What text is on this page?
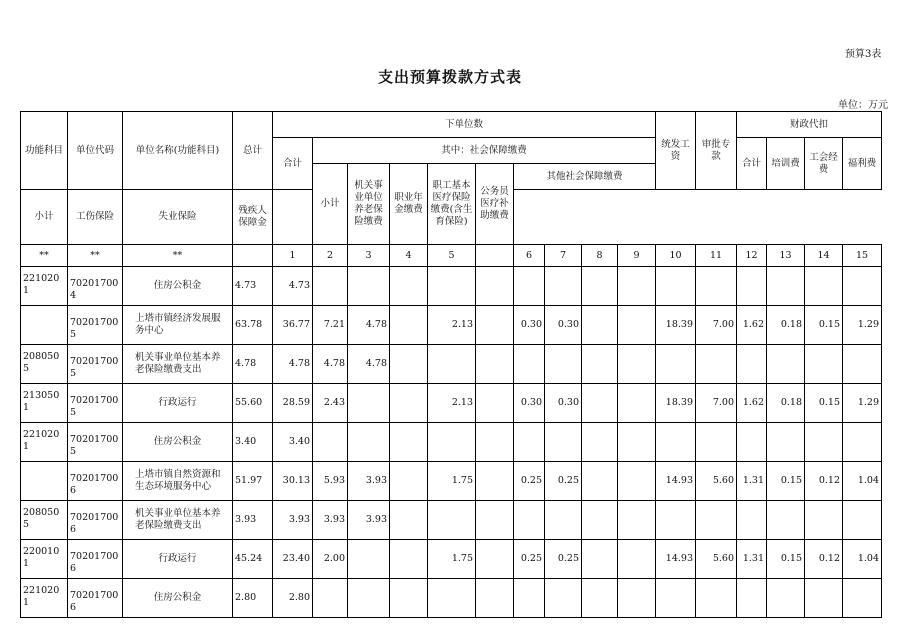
预算3表
支出预算拨款方式表
单位：万元
功能科目	单位代码	单位名称(功能科目)	总计	下单位数										统发工资	审批专款	财政代扣			
				合计	其中：社会保障缴费											合计	培训费	工会经费	福利费
					小计	机关事业单位养老保险缴费	职业年金缴费	职工基本医疗保险缴费(含生育保险)	公务员医疗补助缴费	其他社会保障缴费									
小计	工伤保险	失业保险	残疾人保障金																
**	**	**		1	2	3	4	5		6	7	8	9	10	11	12	13	14	15
2210201	702017004	住房公积金	4.73	4.73															
	702017005	上塔市镇经济发展服务中心	63.78	36.77	7.21	4.78		2.13		0.30	0.30			18.39	7.00	1.62	0.18	0.15	1.29
2080505	702017005	机关事业单位基本养老保险缴费支出	4.78	4.78	4.78	4.78													
2130501	702017005	行政运行	55.60	28.59	2.43			2.13		0.30	0.30			18.39	7.00	1.62	0.18	0.15	1.29
2210201	702017005	住房公积金	3.40	3.40															
	702017006	上塔市镇自然资源和生态环境服务中心	51.97	30.13	5.93	3.93		1.75		0.25	0.25			14.93	5.60	1.31	0.15	0.12	1.04
2080505	702017006	机关事业单位基本养老保险缴费支出	3.93	3.93	3.93	3.93													
2200101	702017006	行政运行	45.24	23.40	2.00			1.75		0.25	0.25			14.93	5.60	1.31	0.15	0.12	1.04
2210201	702017006	住房公积金	2.80	2.80															
